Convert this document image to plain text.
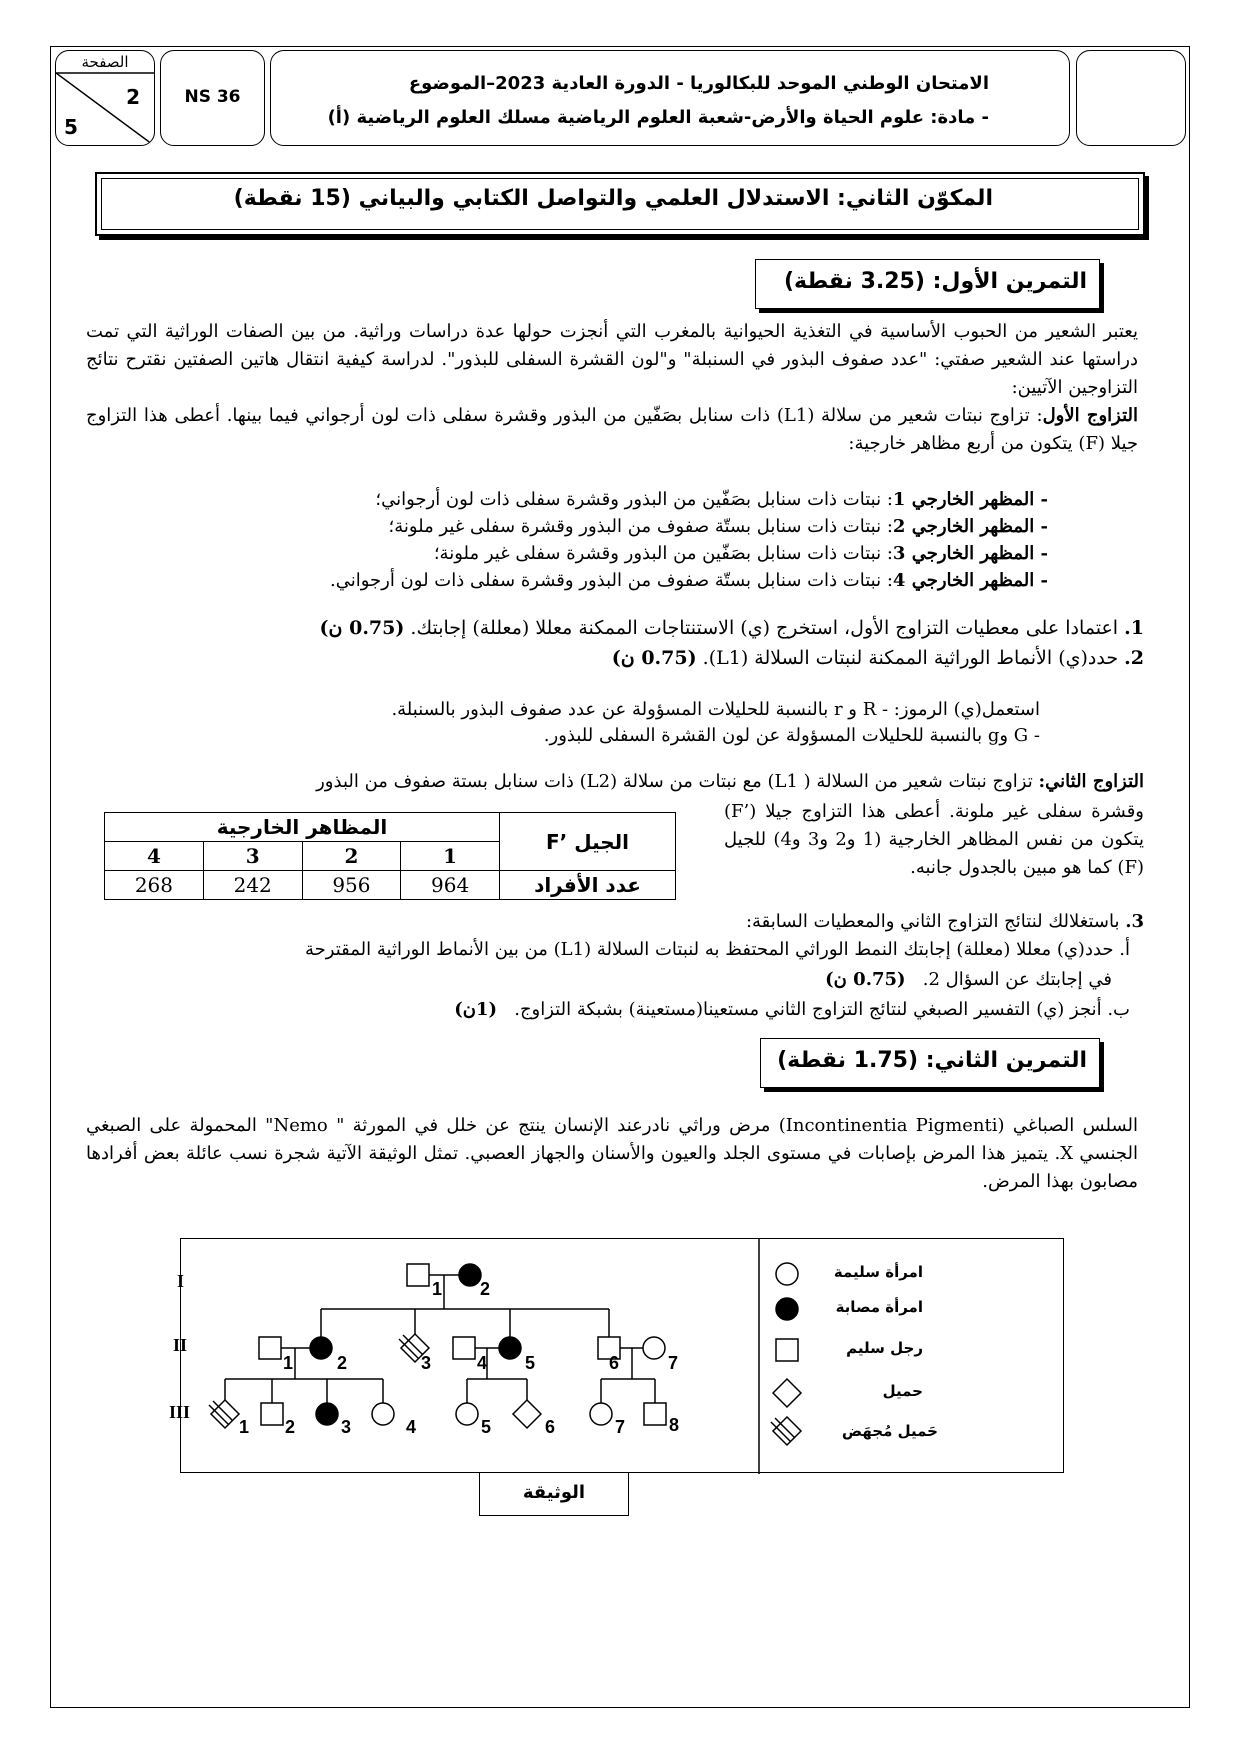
الصفحة
2
5
NS 36
الامتحان الوطني الموحد للبكالوريا - الدورة العادية 2023–الموضوع
- مادة: علوم الحياة والأرض-شعبة العلوم الرياضية مسلك العلوم الرياضية (أ)
المكوّن الثاني: الاستدلال العلمي والتواصل الكتابي والبياني (15 نقطة)
التمرين الأول: (3.25 نقطة)
يعتبر الشعير من الحبوب الأساسية في التغذية الحيوانية بالمغرب التي أنجزت حولها عدة دراسات وراثية. من بين الصفات الوراثية التي تمت دراستها عند الشعير صفتي: "عدد صفوف البذور في السنبلة" و"لون القشرة السفلى للبذور". لدراسة كيفية انتقال هاتين الصفتين نقترح نتائج التزاوجين الآتيين:
التزاوج الأول: تزاوج نبتات شعير من سلالة (L1) ذات سنابل بصَفّين من البذور وقشرة سفلى ذات لون أرجواني فيما بينها. أعطى هذا التزاوج جيلا (F) يتكون من أربع مظاهر خارجية:
- المظهر الخارجي 1: نبتات ذات سنابل بصَفّين من البذور وقشرة سفلى ذات لون أرجواني؛
- المظهر الخارجي 2: نبتات ذات سنابل بستّة صفوف من البذور وقشرة سفلى غير ملونة؛
- المظهر الخارجي 3: نبتات ذات سنابل بصَفّين من البذور وقشرة سفلى غير ملونة؛
- المظهر الخارجي 4: نبتات ذات سنابل بستّة صفوف من البذور وقشرة سفلى ذات لون أرجواني.
1. اعتمادا على معطيات التزاوج الأول، استخرج (ي) الاستنتاجات الممكنة معللا (معللة) إجابتك. (0.75 ن)
2. حدد(ي) الأنماط الوراثية الممكنة لنبتات السلالة (L1). (0.75 ن)
استعمل(ي) الرموز: - R و r بالنسبة للحليلات المسؤولة عن عدد صفوف البذور بالسنبلة.
- G وg بالنسبة للحليلات المسؤولة عن لون القشرة السفلى للبذور.
التزاوج الثاني: تزاوج نبتات شعير من السلالة ( L1) مع نبتات من سلالة (L2) ذات سنابل بستة صفوف من البذور
وقشرة سفلى غير ملونة. أعطى هذا التزاوج جيلا (’F) يتكون من نفس المظاهر الخارجية (1 و2 و3 و4) للجيل (F) كما هو مبين بالجدول جانبه.
الجيل ’F	المظاهر الخارجية			
	1	2	3	4
عدد الأفراد	964	956	242	268
3. باستغلالك لنتائج التزاوج الثاني والمعطيات السابقة:
أ. حدد(ي) معللا (معللة) إجابتك النمط الوراثي المحتفظ به لنبتات السلالة (L1) من بين الأنماط الوراثية المقترحة
في إجابتك عن السؤال 2.   (0.75 ن)
ب. أنجز (ي) التفسير الصبغي لنتائج التزاوج الثاني مستعينا(مستعينة) بشبكة التزاوج.   (1ن)
التمرين الثاني: (1.75 نقطة)
السلس الصباغي (Incontinentia Pigmenti) مرض وراثي نادرعند الإنسان ينتج عن خلل في المورثة " Nemo" المحمولة على الصبغي الجنسي X. يتميز هذا المرض بإصابات في مستوى الجلد والعيون والأسنان والجهاز العصبي. تمثل الوثيقة الآتية شجرة نسب عائلة بعض أفرادها مصابون بهذا المرض.
I
II
III
1 2
1 2	3	4 5	6	7
1 2	3	4	5	6	7 8
امرأة سليمة
امرأة مصابة
رجل سليم
حميل
حَميل مُجهَض
الوثيقة
